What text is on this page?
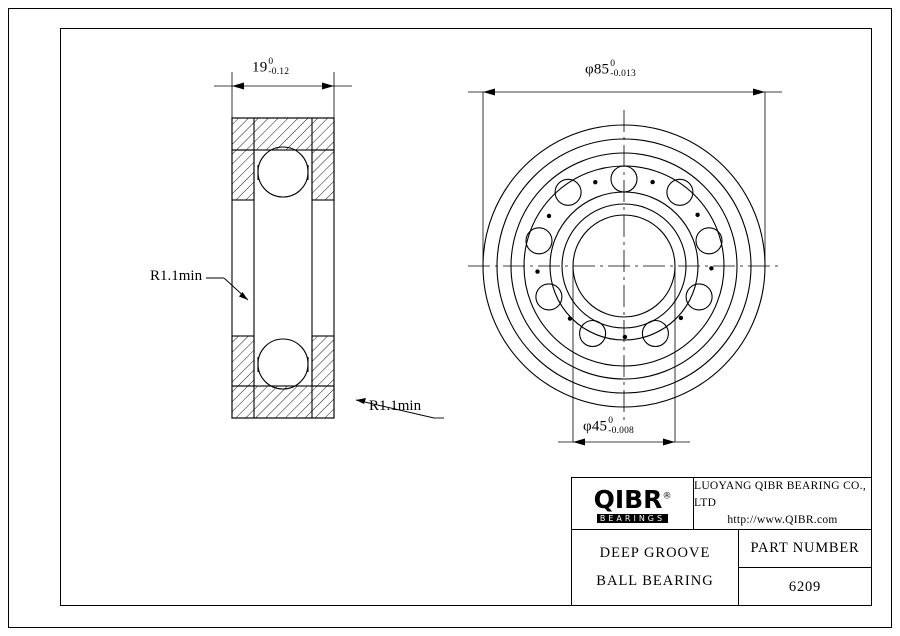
19 0
-0.12	φ85 0
-0.013
φ45 0
-0.008
R1.1min
R1.1min
QIBR®
BEARINGS
LUOYANG QIBR BEARING CO., LTD
http://www.QIBR.com
DEEP GROOVE
BALL BEARING
PART NUMBER
6209
